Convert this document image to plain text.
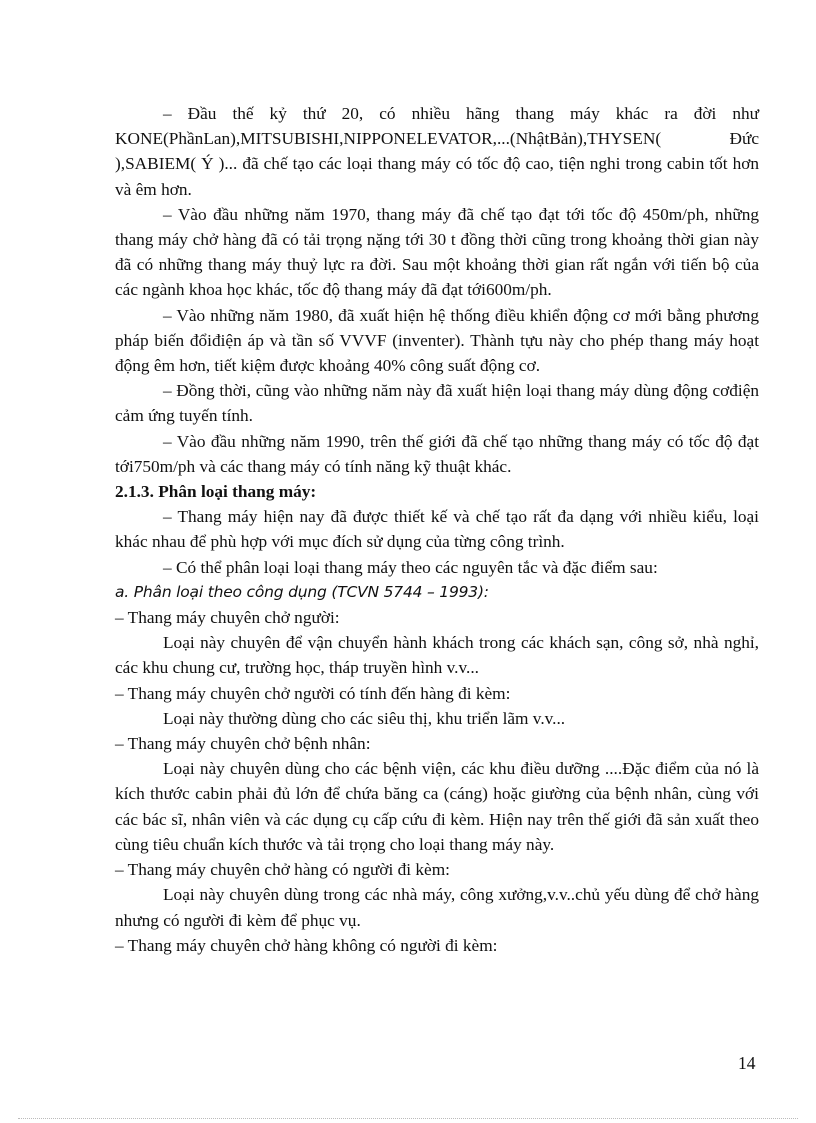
– Đầu thế kỷ thứ 20, có nhiều hãng thang máy khác ra đời như KONE(PhầnLan),MITSUBISHI,NIPPONELEVATOR,...(NhậtBản),THYSEN( Đức ),SABIEM( Ý )... đã chế tạo các loại thang máy có tốc độ cao, tiện nghi trong cabin tốt hơn và êm hơn.

– Vào đầu những năm 1970, thang máy đã chế tạo đạt tới tốc độ 450m/ph, những thang máy chở hàng đã có tải trọng nặng tới 30 t đồng thời cũng trong khoảng thời gian này đã có những thang máy thuỷ lực ra đời. Sau một khoảng thời gian rất ngắn với tiến bộ của các ngành khoa học khác, tốc độ thang máy đã đạt tới600m/ph.

– Vào những năm 1980, đã xuất hiện hệ thống điều khiển động cơ mới bằng phương pháp biến đổiđiện áp và tần số VVVF (inventer). Thành tựu này cho phép thang máy hoạt động êm hơn, tiết kiệm được khoảng 40% công suất động cơ.

– Đồng thời, cũng vào những năm này đã xuất hiện loại thang máy dùng động cơđiện cảm ứng tuyến tính.

– Vào đầu những năm 1990, trên thế giới đã chế tạo những thang máy có tốc độ đạt tới750m/ph và các thang máy có tính năng kỹ thuật khác.

2.1.3. Phân loại thang máy:

– Thang máy hiện nay đã được thiết kế và chế tạo rất đa dạng với nhiều kiểu, loại khác nhau để phù hợp với mục đích sử dụng của từng công trình.

– Có thể phân loại loại thang máy theo các nguyên tắc và đặc điểm sau:

a. Phân loại theo công dụng (TCVN 5744 – 1993):

– Thang máy chuyên chở người:

Loại này chuyên để vận chuyển hành khách trong các khách sạn, công sở, nhà nghỉ, các khu chung cư, trường học, tháp truyền hình v.v...

– Thang máy chuyên chở người có tính đến hàng đi kèm:

Loại này thường dùng cho các siêu thị, khu triển lãm v.v...

– Thang máy chuyên chở bệnh nhân:

Loại này chuyên dùng cho các bệnh viện, các khu điều dưỡng ....Đặc điểm của nó là kích thước cabin phải đủ lớn để chứa băng ca (cáng) hoặc giường của bệnh nhân, cùng với các bác sĩ, nhân viên và các dụng cụ cấp cứu đi kèm. Hiện nay trên thế giới đã sản xuất theo cùng tiêu chuẩn kích thước và tải trọng cho loại thang máy này.

– Thang máy chuyên chở hàng có người đi kèm:

Loại này chuyên dùng trong các nhà máy, công xưởng,v.v..chủ yếu dùng để chở hàng nhưng có người đi kèm để phục vụ.

– Thang máy chuyên chở hàng không có người đi kèm:

14
